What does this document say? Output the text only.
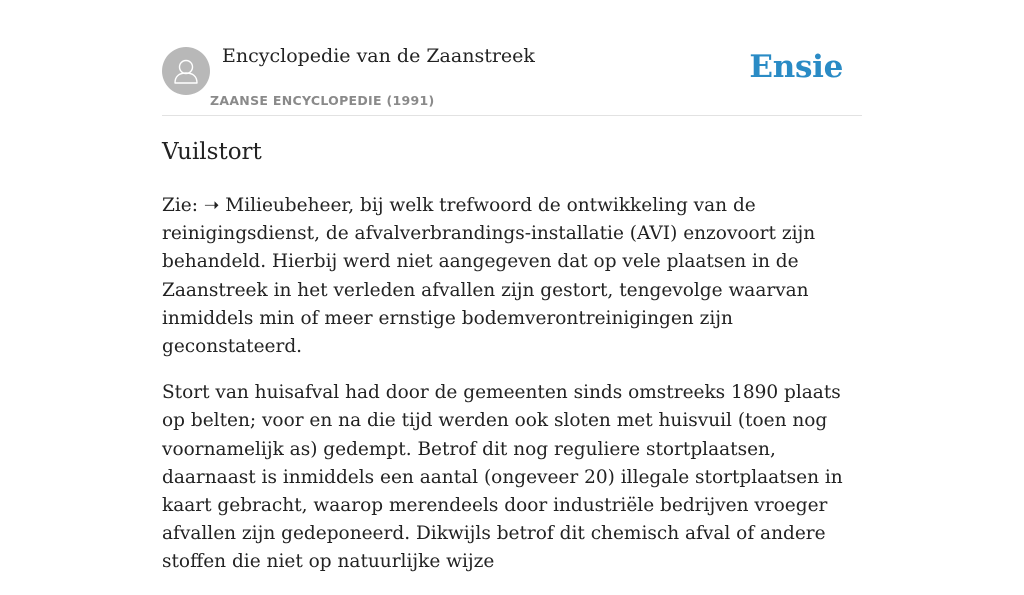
Encyclopedie van de Zaanstreek
ZAANSE ENCYCLOPEDIE (1991)
Ensie
Vuilstort

Zie: ➝ Milieubeheer, bij welk trefwoord de ontwikkeling van de reinigingsdienst, de afvalverbrandings-installatie (AVI) enzovoort zijn behandeld. Hierbij werd niet aangegeven dat op vele plaatsen in de Zaanstreek in het verleden afvallen zijn gestort, tengevolge waarvan inmiddels min of meer ernstige bodemverontreinigingen zijn geconstateerd.

Stort van huisafval had door de gemeenten sinds omstreeks 1890 plaats op belten; voor en na die tijd werden ook sloten met huisvuil (toen nog voornamelijk as) gedempt. Betrof dit nog reguliere stortplaatsen, daarnaast is inmiddels een aantal (ongeveer 20) illegale stortplaatsen in kaart gebracht, waarop merendeels door industriële bedrijven vroeger afvallen zijn gedeponeerd. Dikwijls betrof dit chemisch afval of andere stoffen die niet op natuurlijke wijze
